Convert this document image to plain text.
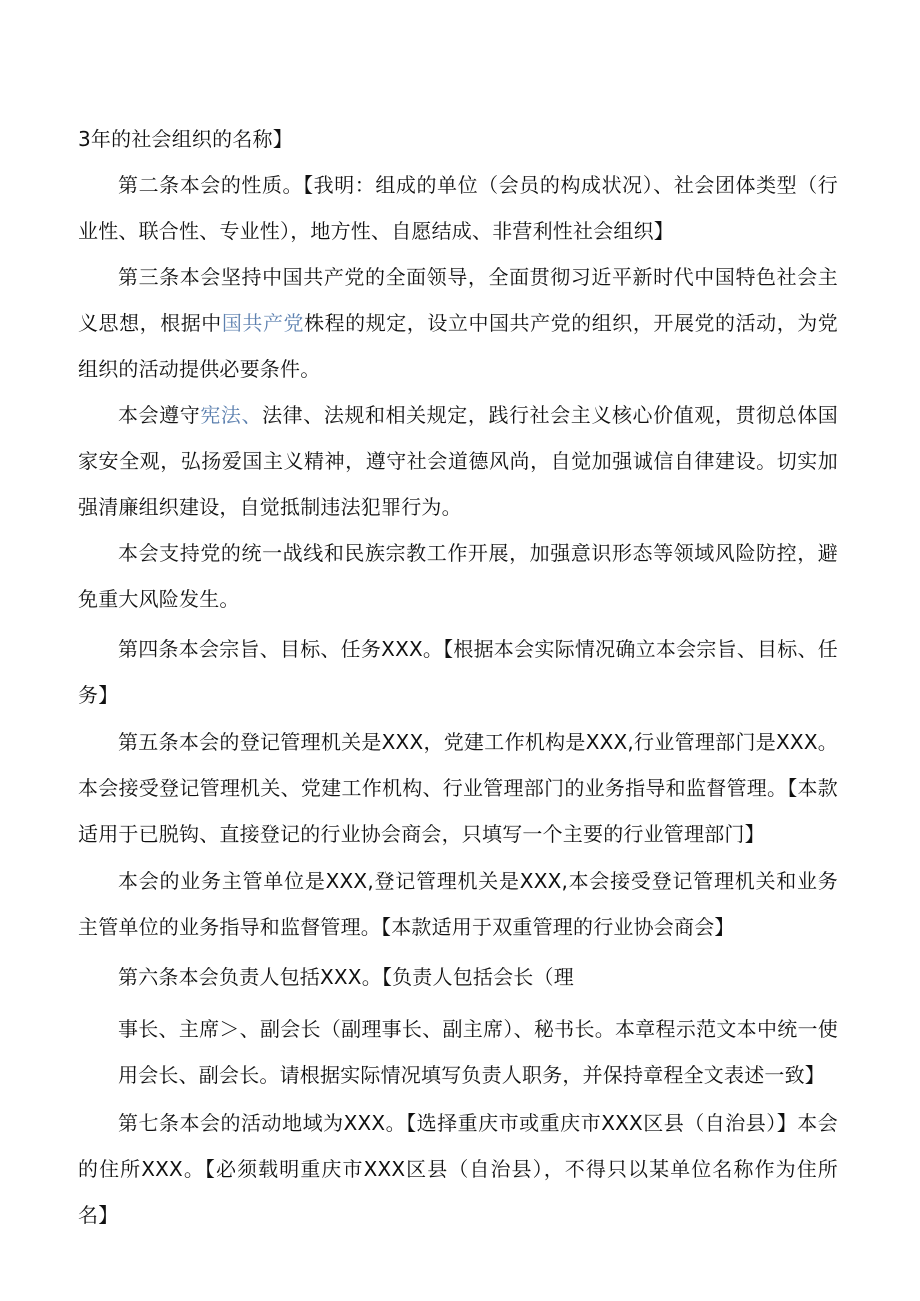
3年的社会组织的名称】

第二条本会的性质。【我明：组成的单位（会员的构成状况）、社会团体类型（行业性、联合性、专业性），地方性、自愿结成、非营利性社会组织】

第三条本会坚持中国共产党的全面领导，全面贯彻习近平新时代中国特色社会主义思想，根据中国共产党株程的规定，设立中国共产党的组织，开展党的活动，为党组织的活动提供必要条件。

本会遵守宪法、法律、法规和相关规定，践行社会主义核心价值观，贯彻总体国家安全观，弘扬爱国主义精神，遵守社会道德风尚，自觉加强诚信自律建设。切实加强清廉组织建设，自觉抵制违法犯罪行为。

本会支持党的统一战线和民族宗教工作开展，加强意识形态等领域风险防控，避免重大风险发生。

第四条本会宗旨、目标、任务XXX。【根据本会实际情况确立本会宗旨、目标、任务】

第五条本会的登记管理机关是XXX，党建工作机构是XXX,行业管理部门是XXX。本会接受登记管理机关、党建工作机构、行业管理部门的业务指导和监督管理。【本款适用于已脱钩、直接登记的行业协会商会，只填写一个主要的行业管理部门】

本会的业务主管单位是XXX,登记管理机关是XXX,本会接受登记管理机关和业务主管单位的业务指导和监督管理。【本款适用于双重管理的行业协会商会】

第六条本会负责人包括XXX。【负责人包括会长（理

事长、主席＞、副会长（副理事长、副主席）、秘书长。本章程示范文本中统一使用会长、副会长。请根据实际情况填写负责人职务，并保持章程全文表述一致】

第七条本会的活动地域为XXX。【选择重庆市或重庆市XXX区县（自治县）】本会的住所XXX。【必须载明重庆市XXX区县（自治县），不得只以某单位名称作为住所名】
